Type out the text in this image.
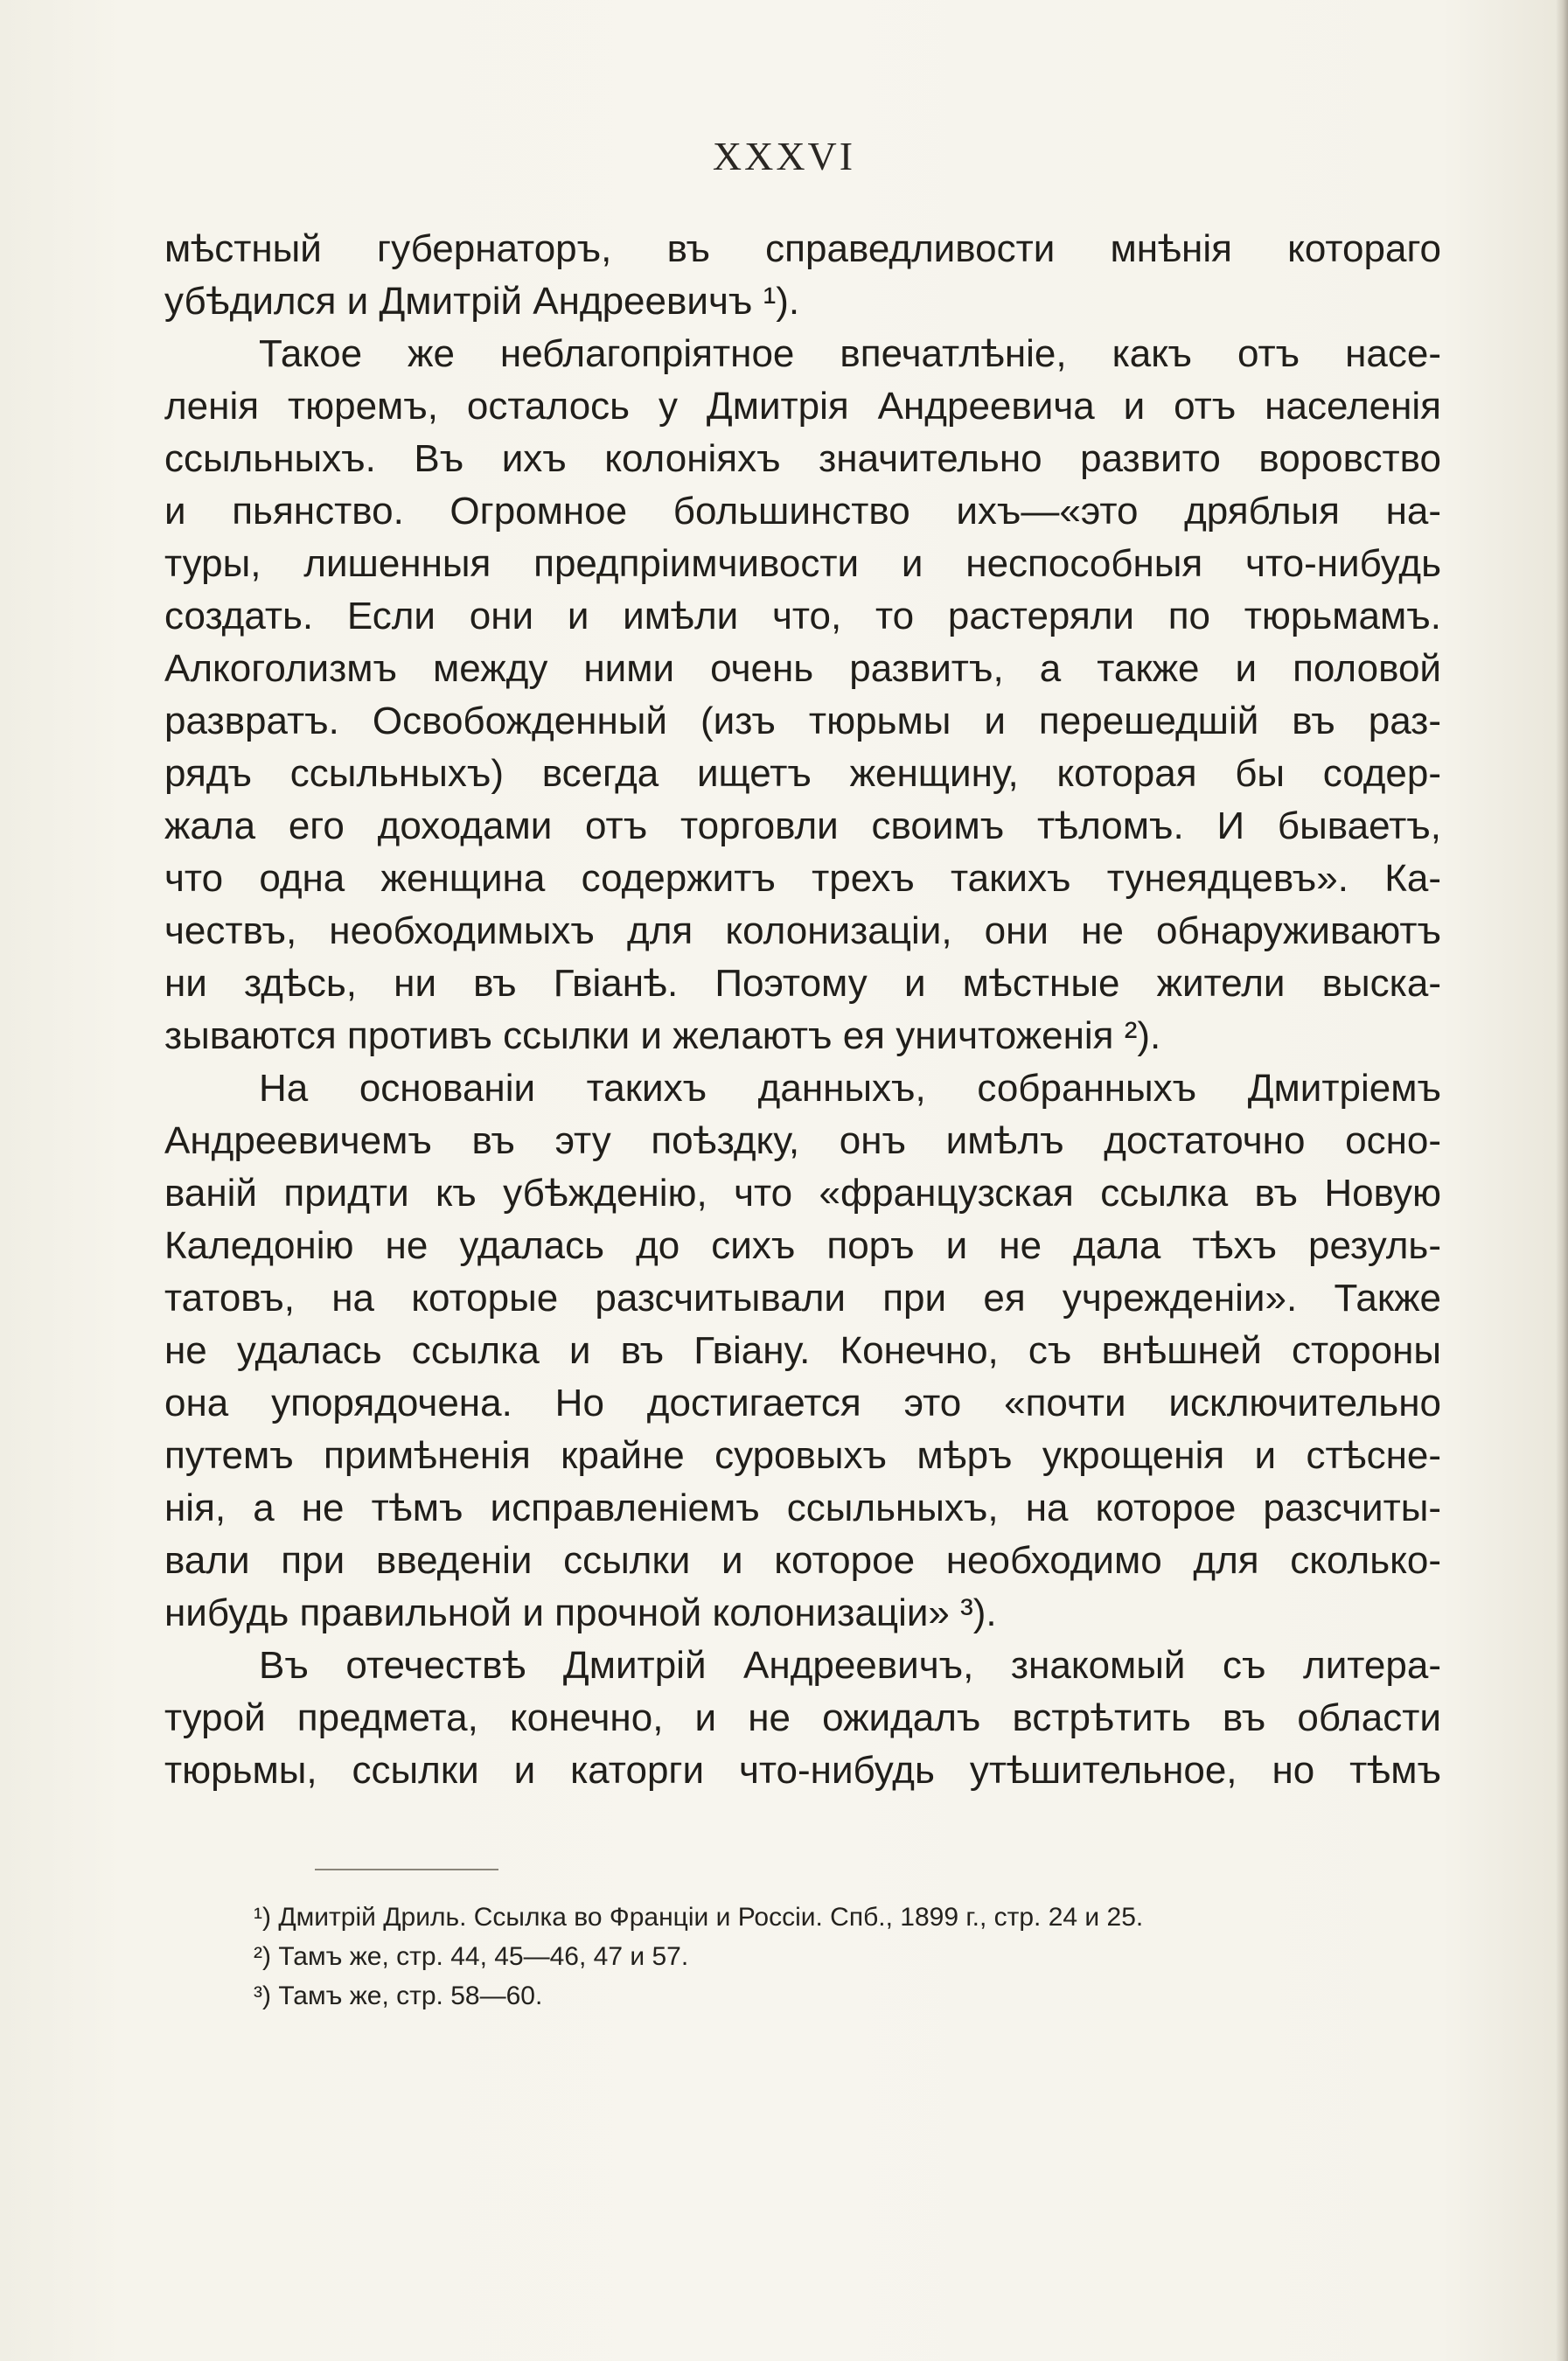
XXXVI
мѣстный губернаторъ, въ справедливости мнѣнія котораго
убѣдился и Дмитрій Андреевичъ ¹).
Такое же неблагопріятное впечатлѣніе, какъ отъ насе-
ленія тюремъ, осталось у Дмитрія Андреевича и отъ населенія
ссыльныхъ. Въ ихъ колоніяхъ значительно развито воровство
и пьянство. Огромное большинство ихъ—«это дряблыя на-
туры, лишенныя предпріимчивости и неспособныя что-нибудь
создать. Если они и имѣли что, то растеряли по тюрьмамъ.
Алкоголизмъ между ними очень развитъ, а также и половой
развратъ. Освобожденный (изъ тюрьмы и перешедшій въ раз-
рядъ ссыльныхъ) всегда ищетъ женщину, которая бы содер-
жала его доходами отъ торговли своимъ тѣломъ. И бываетъ,
что одна женщина содержитъ трехъ такихъ тунеядцевъ». Ка-
чествъ, необходимыхъ для колонизаціи, они не обнаруживаютъ
ни здѣсь, ни въ Гвіанѣ. Поэтому и мѣстные жители выска-
зываются противъ ссылки и желаютъ ея уничтоженія ²).
На основаніи такихъ данныхъ, собранныхъ Дмитріемъ
Андреевичемъ въ эту поѣздку, онъ имѣлъ достаточно осно-
ваній придти къ убѣжденію, что «французская ссылка въ Новую
Каледонію не удалась до сихъ поръ и не дала тѣхъ резуль-
татовъ, на которые разсчитывали при ея учрежденіи». Также
не удалась ссылка и въ Гвіану. Конечно, съ внѣшней стороны
она упорядочена. Но достигается это «почти исключительно
путемъ примѣненія крайне суровыхъ мѣръ укрощенія и стѣсне-
нія, а не тѣмъ исправленіемъ ссыльныхъ, на которое разсчиты-
вали при введеніи ссылки и которое необходимо для сколько-
нибудь правильной и прочной колонизаціи» ³).
Въ отечествѣ Дмитрій Андреевичъ, знакомый съ литера-
турой предмета, конечно, и не ожидалъ встрѣтить въ области
тюрьмы, ссылки и каторги что-нибудь утѣшительное, но тѣмъ
¹) Дмитрій Дриль. Ссылка во Франціи и Россіи. Спб., 1899 г., стр. 24 и 25.
²) Тамъ же, стр. 44, 45—46, 47 и 57.
³) Тамъ же, стр. 58—60.
